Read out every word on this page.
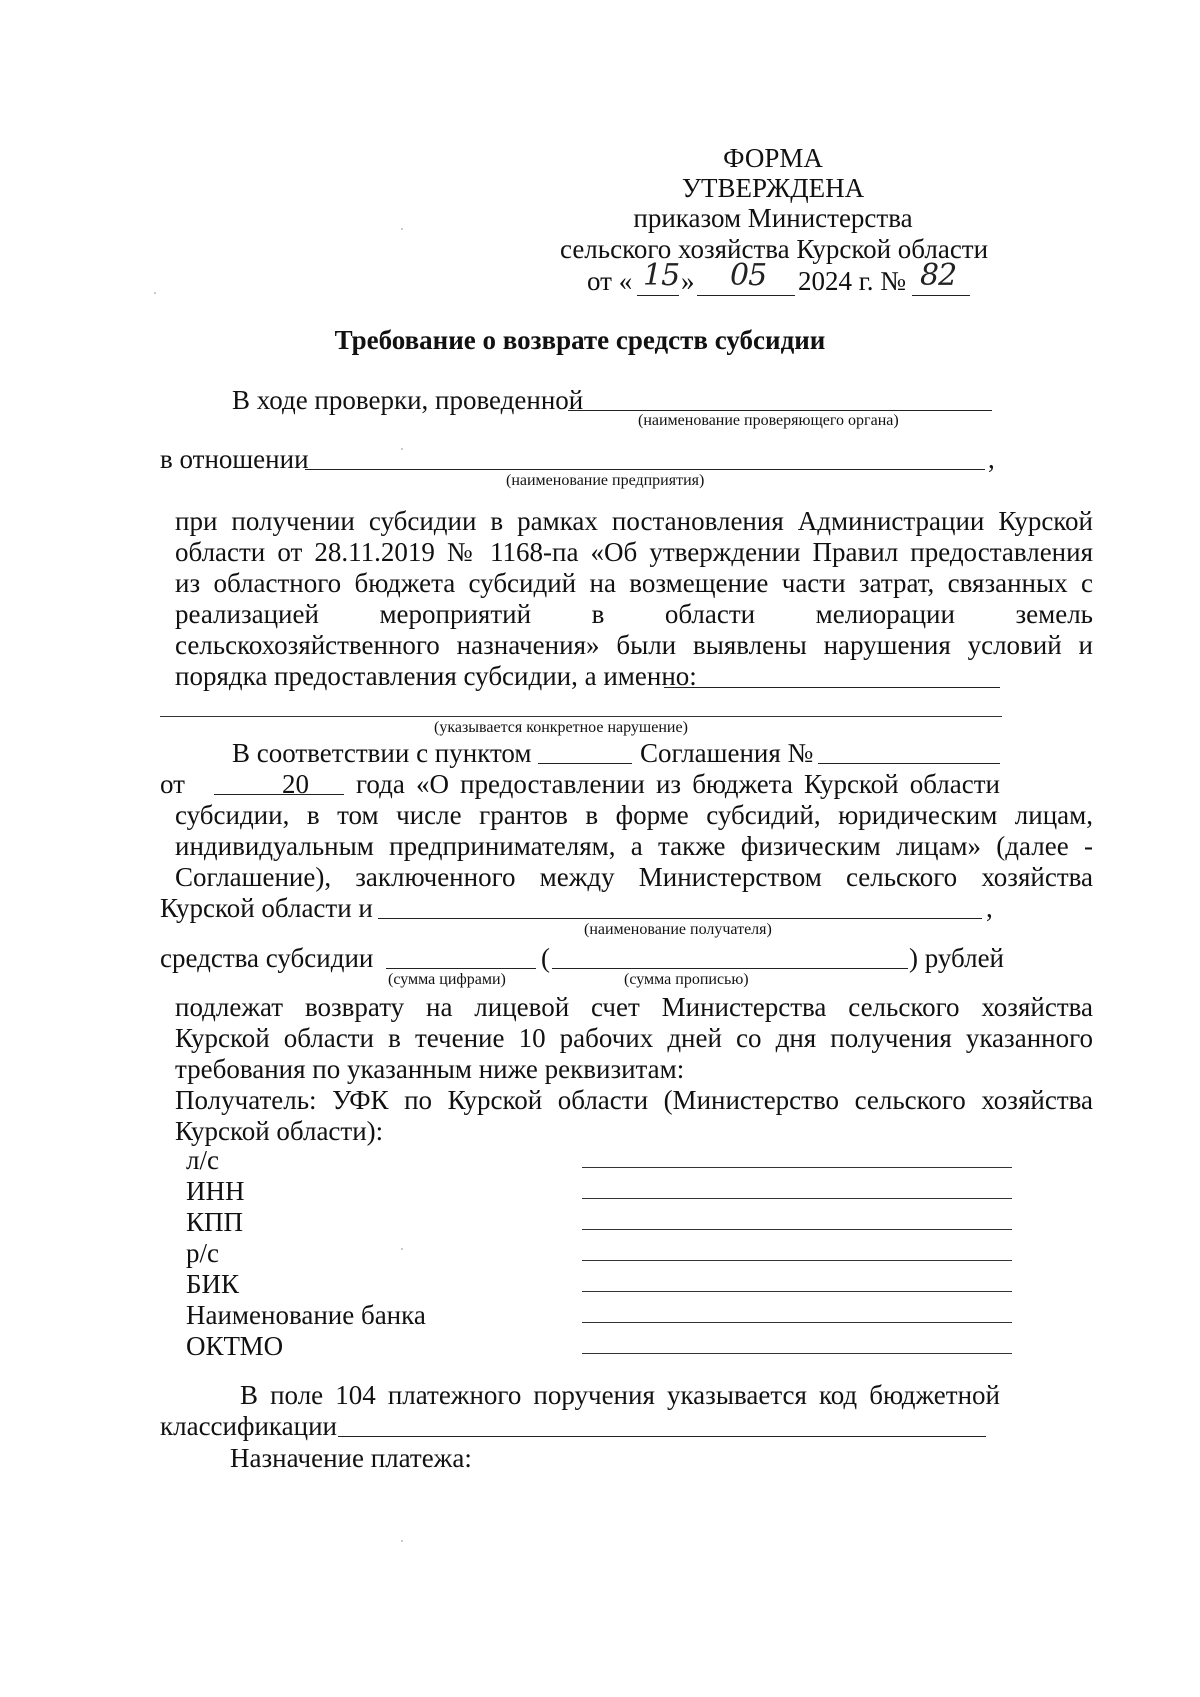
ФОРМА
УТВЕРЖДЕНА
приказом Министерства
сельского хозяйства Курской области
от « 15 » 05 2024 г. № 82
Требование о возврате средств субсидии
В ходе проверки, проведенной
(наименование проверяющего органа)
в отношении	,
(наименование предприятия)
при получении субсидии в рамках постановления Администрации Курской
области от 28.11.2019 № 1168-па «Об утверждении Правил предоставления
из областного бюджета субсидий на возмещение части затрат, связанных с
реализацией мероприятий в области мелиорации земель
сельскохозяйственного назначения» были выявлены нарушения условий и
порядка предоставления субсидии, а именно:
(указывается конкретное нарушение)
В соответствии с пунктом	Соглашения №
от	20 года «О предоставлении из бюджета Курской области
субсидии, в том числе грантов в форме субсидий, юридическим лицам,
индивидуальным предпринимателям, а также физическим лицам» (далее -
Соглашение), заключенного между Министерством сельского хозяйства
Курской области и	,
(наименование получателя)
средства субсидии	(	) рублей
(сумма цифрами)	(сумма прописью)
подлежат возврату на лицевой счет Министерства сельского хозяйства
Курской области в течение 10 рабочих дней со дня получения указанного
требования по указанным ниже реквизитам:
Получатель: УФК по Курской области (Министерство сельского хозяйства
Курской области):
л/с
ИНН
КПП
р/с
БИК
Наименование банка
ОКТМО
В поле 104 платежного поручения указывается код бюджетной
классификации
Назначение платежа:
